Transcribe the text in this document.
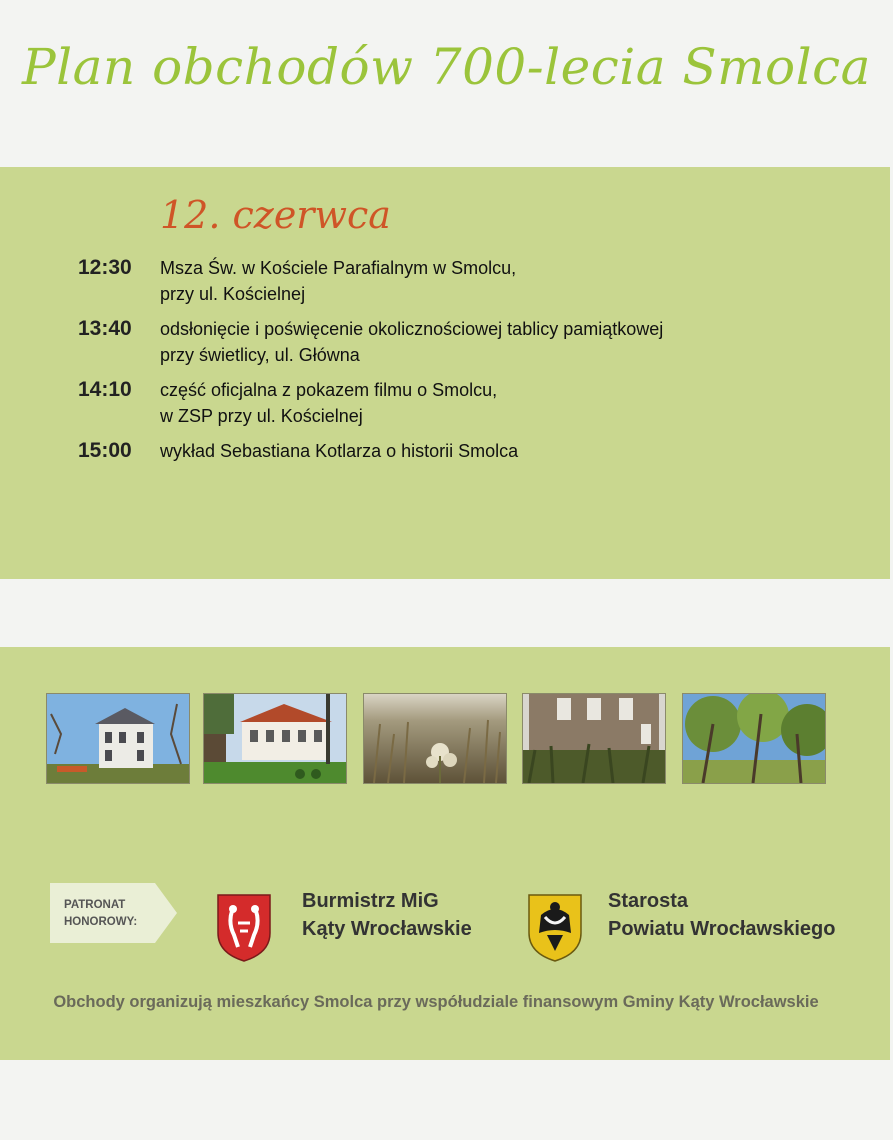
Plan obchodów 700-lecia Smolca
12. czerwca
12:30	Msza Św. w Kościele Parafialnym w Smolcu,
przy ul. Kościelnej
13:40	odsłonięcie i poświęcenie okolicznościowej tablicy pamiątkowej
przy świetlicy, ul. Główna
14:10	część oficjalna z pokazem filmu o Smolcu,
w ZSP przy ul. Kościelnej
15:00	wykład Sebastiana Kotlarza o historii Smolca
PATRONAT
HONOROWY:
Burmistrz MiG
Kąty Wrocławskie
Starosta
Powiatu Wrocławskiego
Obchody organizują mieszkańcy Smolca przy współudziale finansowym Gminy Kąty Wrocławskie
